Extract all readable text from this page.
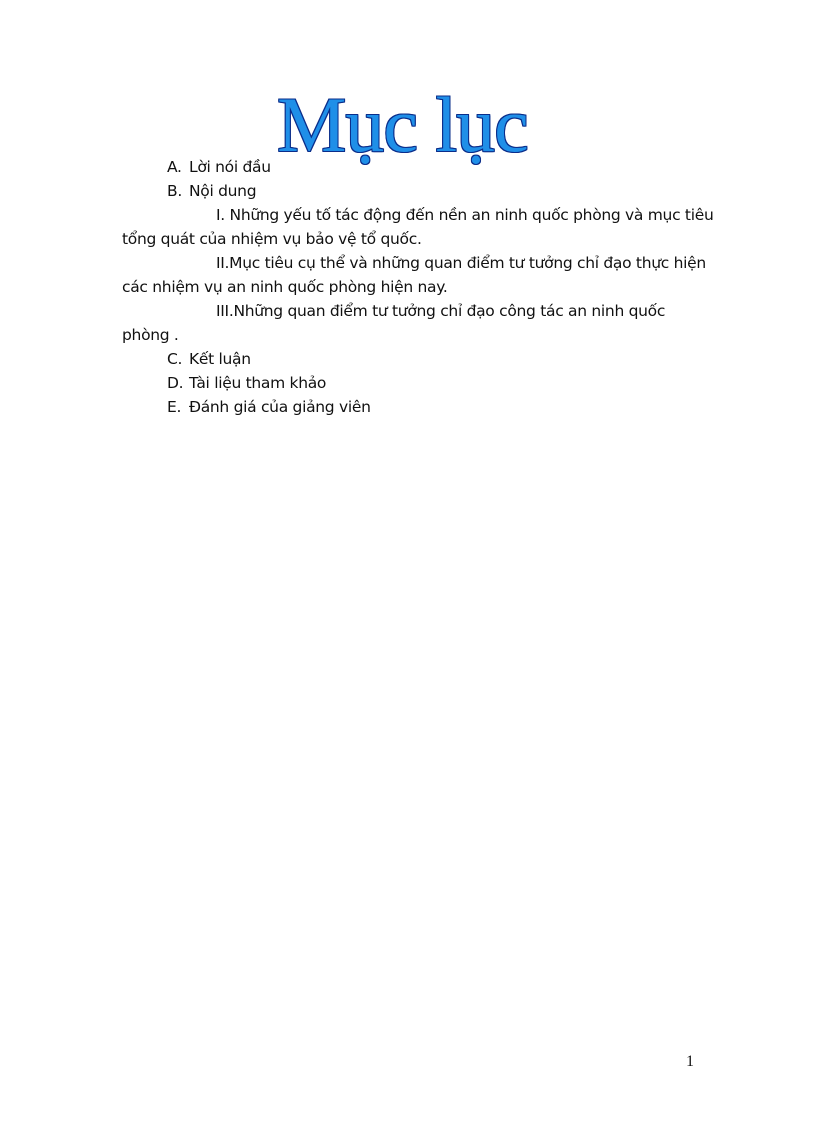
Mục lục
A. Lời nói đầu
B. Nội dung
I. Những yếu tố tác động đến nền an ninh quốc phòng và mục tiêu
tổng quát của nhiệm vụ bảo vệ tổ quốc.
II.Mục tiêu cụ thể và những quan điểm tư tưởng chỉ đạo thực hiện
các nhiệm vụ an ninh quốc phòng hiện nay.
III.Những quan điểm tư tưởng chỉ đạo công tác an ninh quốc
phòng .
C. Kết luận
D. Tài liệu tham khảo
E. Đánh giá của giảng viên
1
